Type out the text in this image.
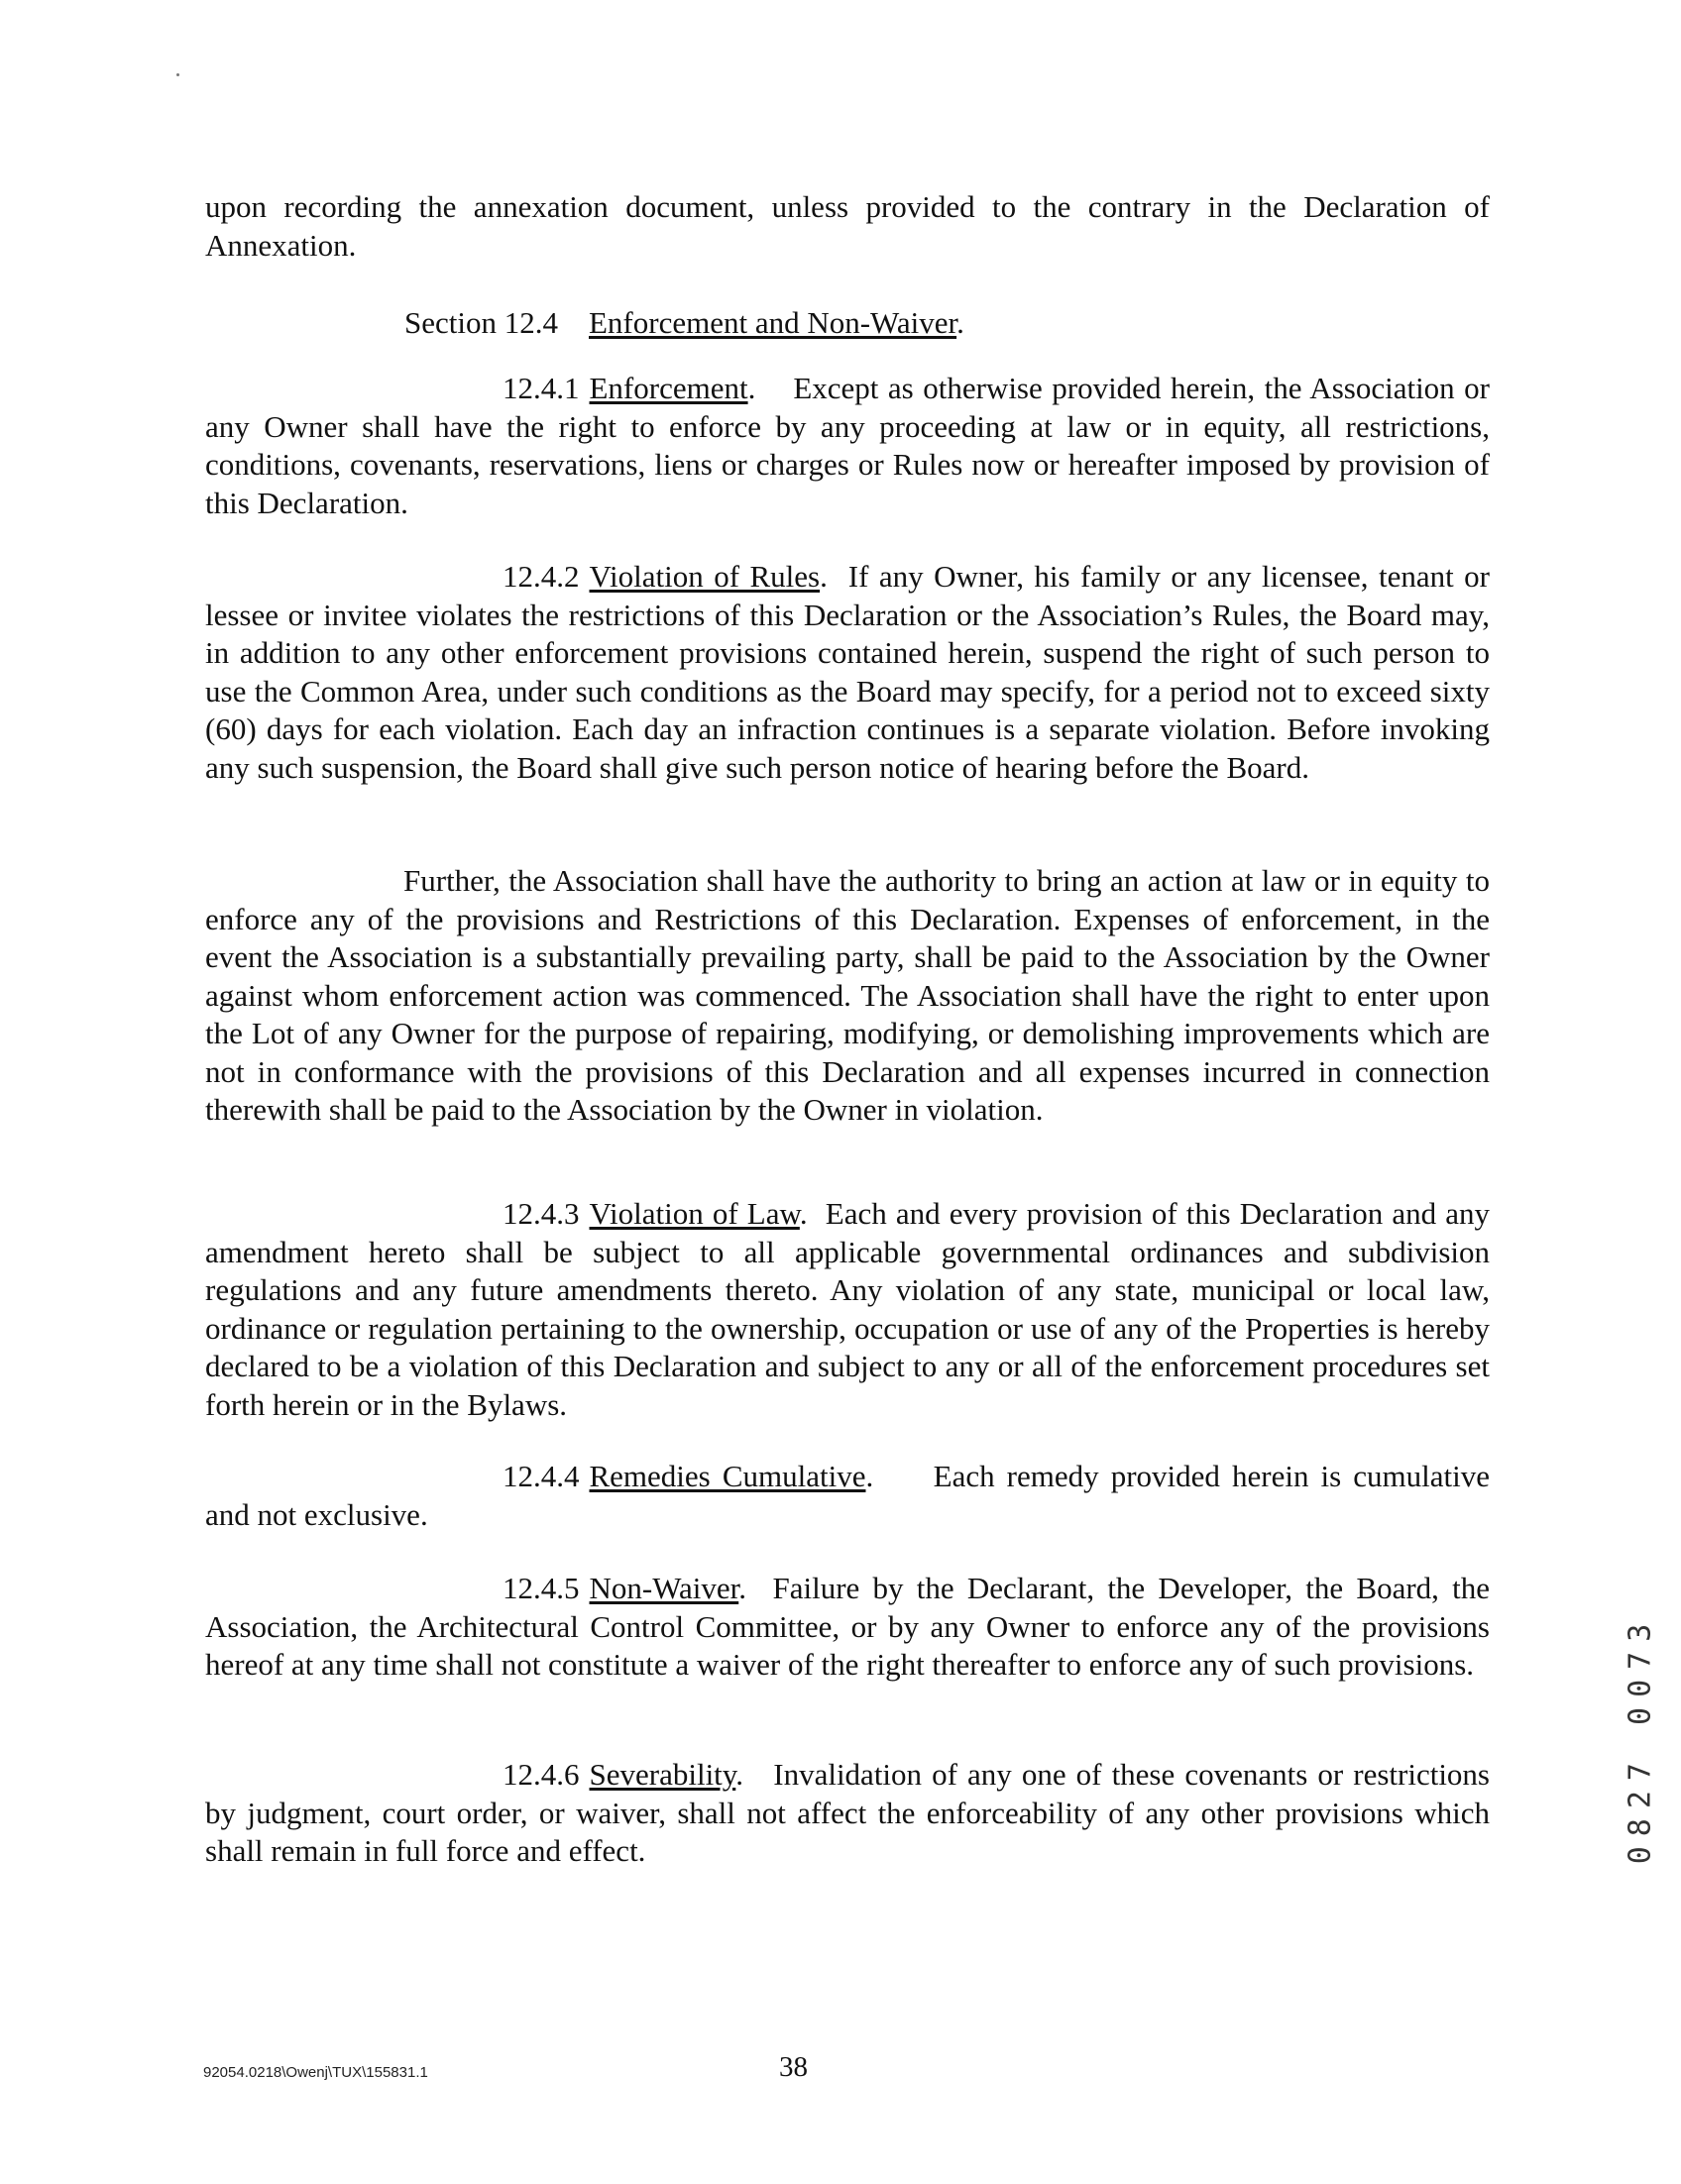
upon recording the annexation document, unless provided to the contrary in the Declaration of Annexation.

Section 12.4 Enforcement and Non-Waiver.

12.4.1 Enforcement.    Except as otherwise provided herein, the Association or any Owner shall have the right to enforce by any proceeding at law or in equity, all restrictions, conditions, covenants, reservations, liens or charges or Rules now or hereafter imposed by provision of this Declaration.

12.4.2 Violation of Rules.  If any Owner, his family or any licensee, tenant or lessee or invitee violates the restrictions of this Declaration or the Association’s Rules, the Board may, in addition to any other enforcement provisions contained herein, suspend the right of such person to use the Common Area, under such conditions as the Board may specify, for a period not to exceed sixty (60) days for each violation. Each day an infraction continues is a separate violation. Before invoking any such suspension, the Board shall give such person notice of hearing before the Board.

Further, the Association shall have the authority to bring an action at law or in equity to enforce any of the provisions and Restrictions of this Declaration. Expenses of enforcement, in the event the Association is a substantially prevailing party, shall be paid to the Association by the Owner against whom enforcement action was commenced. The Association shall have the right to enter upon the Lot of any Owner for the purpose of repairing, modifying, or demolishing improvements which are not in conformance with the provisions of this Declaration and all expenses incurred in connection therewith shall be paid to the Association by the Owner in violation.

12.4.3 Violation of Law.  Each and every provision of this Declaration and any amendment hereto shall be subject to all applicable governmental ordinances and subdivision regulations and any future amendments thereto. Any violation of any state, municipal or local law, ordinance or regulation pertaining to the ownership, occupation or use of any of the Properties is hereby declared to be a violation of this Declaration and subject to any or all of the enforcement procedures set forth herein or in the Bylaws.

12.4.4 Remedies Cumulative.     Each remedy provided herein is cumulative and not exclusive.

12.4.5 Non-Waiver.  Failure by the Declarant, the Developer, the Board, the Association, the Architectural Control Committee, or by any Owner to enforce any of the provisions hereof at any time shall not constitute a waiver of the right thereafter to enforce any of such provisions.

12.4.6 Severability.   Invalidation of any one of these covenants or restrictions by judgment, court order, or waiver, shall not affect the enforceability of any other provisions which shall remain in full force and effect.	0827 0073
92054.0218\Owenj\TUX\155831.1	38
